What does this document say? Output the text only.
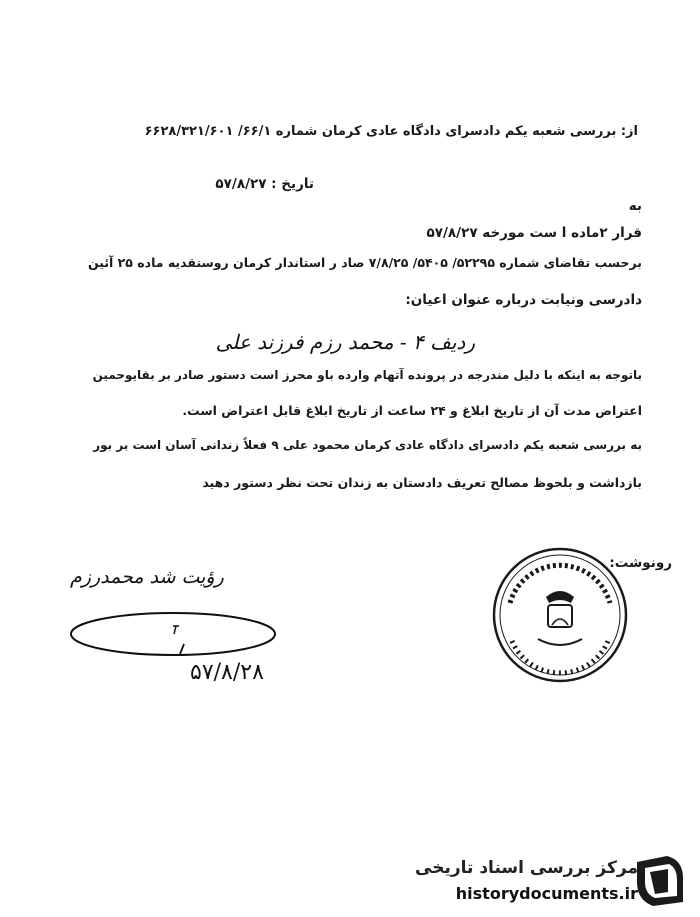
از: بررسی شعبه یکم دادسرای دادگاه عادی کرمان شماره ۶۶/۱/ ۶۶۲۸/۳۲۱/۶۰۱
تاریخ : ۵۷/۸/۲۷
به
قرار ۲ماده ا ست مورخه ۵۷/۸/۲۷
برحسب تقاضای شماره ۵۲۲۹۵/ ۵۴۰۵/ ۷/۸/۲۵ صاد ر استاندار کرمان روستقدیه ماده ۲۵ آئین
دادرسی ونیابت درباره عنوان اعیان:
ردیف ۴ - محمد رزم فرزند علی
باتوجه به اینکه با دلیل مندرجه در پرونده آتهام وارده باو محرز است دستور صادر بر بقایوحمین
اعتراض مدت آن از تاریخ ابلاغ و ۲۴ ساعت از تاریخ ابلاغ قابل اعتراض است.
به بررسی شعبه یکم دادسرای دادگاه عادی کرمان محمود علی ۹ فعلاً زندانی آسان است بر بور
بازداشت و بلحوظ مصالح تعریف دادستان به زندان تحت نظر دستور دهید
رونوشت:
رؤیت شد محمدرزم
۵۷/۸/۲۸
مرکز بررسی اسناد تاریخی
historydocuments.ir
